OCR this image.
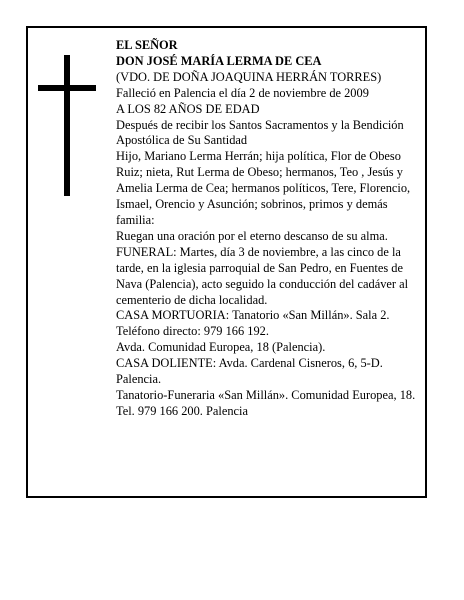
EL SEÑOR

DON JOSÉ MARÍA LERMA DE CEA

(VDO. DE DOÑA JOAQUINA HERRÁN TORRES)

Falleció en Palencia el día 2 de noviembre de 2009

A LOS 82 AÑOS DE EDAD

Después de recibir los Santos Sacramentos y la Bendición Apostólica de Su Santidad

Hijo, Mariano Lerma Herrán; hija política, Flor de Obeso Ruiz; nieta, Rut Lerma de Obeso; hermanos, Teo , Jesús y Amelia Lerma de Cea; hermanos políticos, Tere, Florencio, Ismael, Orencio y Asunción; sobrinos, primos y demás familia:

Ruegan una oración por el eterno descanso de su alma.

FUNERAL: Martes, día 3 de noviembre, a las cinco de la tarde, en la iglesia parroquial de San Pedro, en Fuentes de Nava (Palencia), acto seguido la conducción del cadáver al cementerio de dicha localidad.

CASA MORTUORIA: Tanatorio «San Millán». Sala 2. Teléfono directo: 979 166 192.

Avda. Comunidad Europea, 18 (Palencia).

CASA DOLIENTE: Avda. Cardenal Cisneros, 6, 5-D. Palencia.

Tanatorio-Funeraria «San Millán». Comunidad Europea, 18. Tel. 979 166 200. Palencia
